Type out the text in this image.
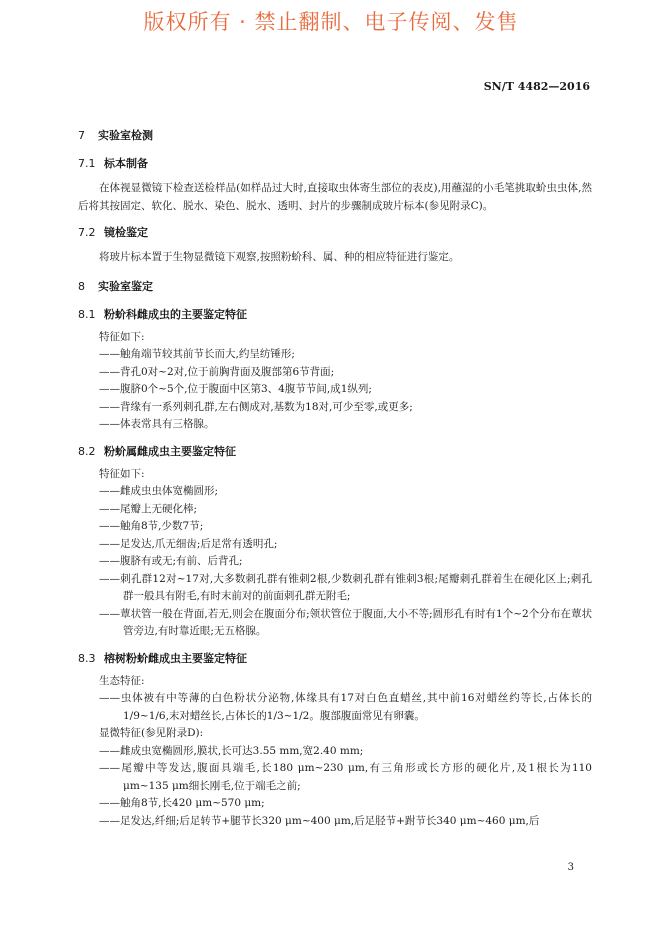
版权所有 · 禁止翻制、电子传阅、发售
SN/T 4482—2016

7 实验室检测

7.1 标本制备

在体视显微镜下检查送检样品(如样品过大时,直接取虫体寄生部位的表皮),用蘸湿的小毛笔挑取蚧虫虫体,然后将其按固定、软化、脱水、染色、脱水、透明、封片的步骤制成玻片标本(参见附录C)。

7.2 镜检鉴定

将玻片标本置于生物显微镜下观察,按照粉蚧科、属、种的相应特征进行鉴定。

8 实验室鉴定

8.1 粉蚧科雌成虫的主要鉴定特征

特征如下:

——触角端节较其前节长而大,约呈纺锤形;

——背孔0对~2对,位于前胸背面及腹部第6节背面;

——腹脐0个~5个,位于腹面中区第3、4腹节节间,成1纵列;

——背缘有一系列刺孔群,左右侧成对,基数为18对,可少至零,或更多;

——体表常具有三格腺。

8.2 粉蚧属雌成虫主要鉴定特征

特征如下:

——雌成虫虫体宽椭圆形;

——尾瓣上无硬化棒;

——触角8节,少数7节;

——足发达,爪无细齿;后足常有透明孔;

——腹脐有或无;有前、后背孔;

——刺孔群12对~17对,大多数刺孔群有锥刺2根,少数刺孔群有锥刺3根;尾瓣刺孔群着生在硬化区上;刺孔群一般具有附毛,有时末前对的前面刺孔群无附毛;

——蕈状管一般在背面,若无,则会在腹面分布;领状管位于腹面,大小不等;圆形孔有时有1个~2个分布在蕈状管旁边,有时靠近眼;无五格腺。

8.3 榕树粉蚧雌成虫主要鉴定特征

生态特征:

——虫体被有中等薄的白色粉状分泌物,体缘具有17对白色直蜡丝,其中前16对蜡丝约等长,占体长的1/9~1/6,末对蜡丝长,占体长的1/3~1/2。腹部腹面常见有卵囊。

显微特征(参见附录D):

——雌成虫宽椭圆形,膜状,长可达3.55 mm,宽2.40 mm;

——尾瓣中等发达,腹面具端毛,长180 μm~230 μm,有三角形或长方形的硬化片,及1根长为110 μm~135 μm细长刚毛,位于端毛之前;

——触角8节,长420 μm~570 μm;

——足发达,纤细;后足转节+腿节长320 μm~400 μm,后足胫节+跗节长340 μm~460 μm,后

3
